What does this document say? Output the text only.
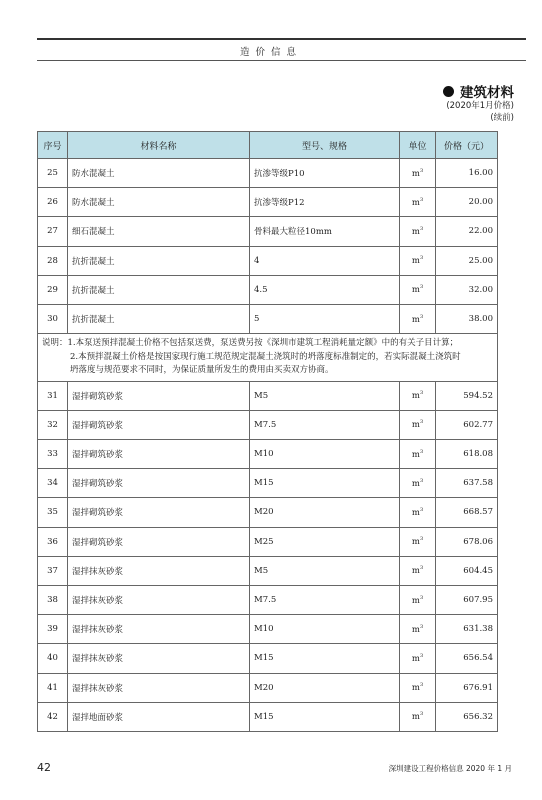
造价信息
建筑材料
(2020年1月价格)
(续前)
序号	材料名称	型号、规格	单位	价格（元）
25	防水混凝土	抗渗等级P10	$m^3$	16.00
26	防水混凝土	抗渗等级P12	$m^3$	20.00
27	细石混凝土	骨料最大粒径10mm	$m^3$	22.00
28	抗折混凝土	4	$m^3$	25.00
29	抗折混凝土	4.5	$m^3$	32.00
30	抗折混凝土	5	$m^3$	38.00

说明：1.本泵送预拌混凝土价格不包括泵送费，泵送费另按《深圳市建筑工程消耗量定额》中的有关子目计算；
2.本预拌混凝土价格是按国家现行施工规范规定混凝土浇筑时的坍落度标准制定的，若实际混凝土浇筑时
坍落度与规范要求不同时，为保证质量所发生的费用由买卖双方协商。				

31	湿拌砌筑砂浆	M5	$m^3$	594.52
32	湿拌砌筑砂浆	M7.5	$m^3$	602.77
33	湿拌砌筑砂浆	M10	$m^3$	618.08
34	湿拌砌筑砂浆	M15	$m^3$	637.58
35	湿拌砌筑砂浆	M20	$m^3$	668.57
36	湿拌砌筑砂浆	M25	$m^3$	678.06
37	湿拌抹灰砂浆	M5	$m^3$	604.45
38	湿拌抹灰砂浆	M7.5	$m^3$	607.95
39	湿拌抹灰砂浆	M10	$m^3$	631.38
40	湿拌抹灰砂浆	M15	$m^3$	656.54
41	湿拌抹灰砂浆	M20	$m^3$	676.91
42	湿拌地面砂浆	M15	$m^3$	656.32
42	深圳建设工程价格信息 2020 年 1 月
